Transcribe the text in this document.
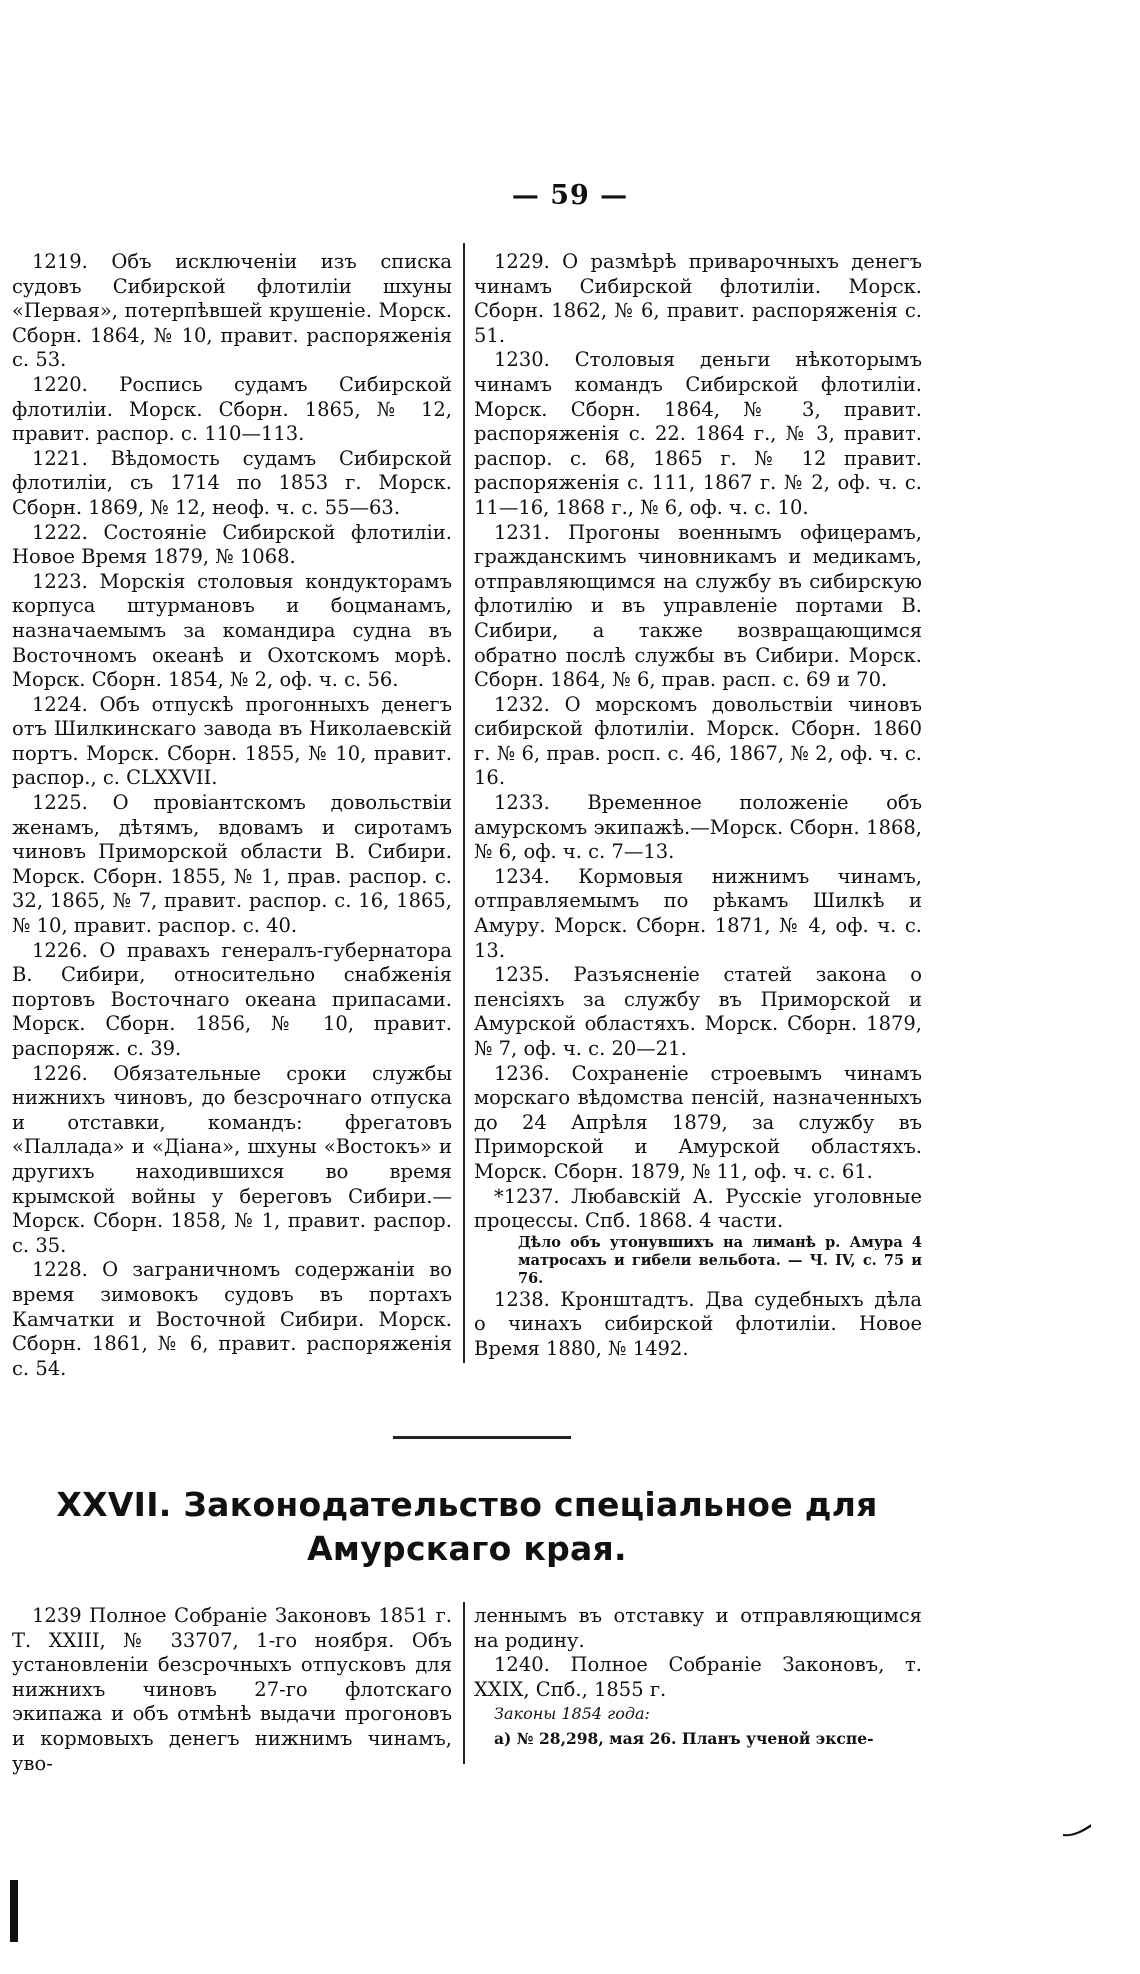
— 59 —

1219. Объ исключеніи изъ списка судовъ Сибирской флотиліи шхуны «Первая», потерпѣвшей крушеніе. Морск. Сборн. 1864, № 10, правит. распоряженія с. 53.

1220. Роспись судамъ Сибирской флотиліи. Морск. Сборн. 1865, № 12, правит. распор. с. 110—113.

1221. Вѣдомость судамъ Сибирской флотиліи, съ 1714 по 1853 г. Морск. Сборн. 1869, № 12, неоф. ч. с. 55—63.

1222. Состояніе Сибирской флотиліи. Новое Время 1879, № 1068.

1223. Морскія столовыя кондукторамъ корпуса штурмановъ и боцманамъ, назначаемымъ за командира судна въ Восточномъ океанѣ и Охотскомъ морѣ. Морск. Сборн. 1854, № 2, оф. ч. с. 56.

1224. Объ отпускѣ прогонныхъ денегъ отъ Шилкинскаго завода въ Николаевскій портъ. Морск. Сборн. 1855, № 10, правит. распор., с. CLXXVII.

1225. О провіантскомъ довольствіи женамъ, дѣтямъ, вдовамъ и сиротамъ чиновъ Приморской области В. Сибири. Морск. Сборн. 1855, № 1, прав. распор. с. 32, 1865, № 7, правит. распор. с. 16, 1865, № 10, правит. распор. с. 40.

1226. О правахъ генералъ-губернатора В. Сибири, относительно снабженія портовъ Восточнаго океана припасами. Морск. Сборн. 1856, № 10, правит. распоряж. с. 39.

1226. Обязательные сроки службы нижнихъ чиновъ, до безсрочнаго отпуска и отставки, командъ: фрегатовъ «Паллада» и «Діана», шхуны «Востокъ» и другихъ находившихся во время крымской войны у береговъ Сибири.—Морск. Сборн. 1858, № 1, правит. распор. с. 35.

1228. О заграничномъ содержаніи во время зимовокъ судовъ въ портахъ Камчатки и Восточной Сибири. Морск. Сборн. 1861, № 6, правит. распоряженія с. 54.

1229. О размѣрѣ приварочныхъ денегъ чинамъ Сибирской флотиліи. Морск. Сборн. 1862, № 6, правит. распоряженія с. 51.

1230. Столовыя деньги нѣкоторымъ чинамъ командъ Сибирской флотиліи. Морск. Сборн. 1864, № 3, правит. распоряженія с. 22. 1864 г., № 3, правит. распор. с. 68, 1865 г. № 12 правит. распоряженія с. 111, 1867 г. № 2, оф. ч. с. 11—16, 1868 г., № 6, оф. ч. с. 10.

1231. Прогоны военнымъ офицерамъ, гражданскимъ чиновникамъ и медикамъ, отправляющимся на службу въ сибирскую флотилію и въ управленіе портами В. Сибири, а также возвращающимся обратно послѣ службы въ Сибири. Морск. Сборн. 1864, № 6, прав. расп. с. 69 и 70.

1232. О морскомъ довольствіи чиновъ сибирской флотиліи. Морск. Сборн. 1860 г. № 6, прав. росп. с. 46, 1867, № 2, оф. ч. с. 16.

1233. Временное положеніе объ амурскомъ экипажѣ.—Морск. Сборн. 1868, № 6, оф. ч. с. 7—13.

1234. Кормовыя нижнимъ чинамъ, отправляемымъ по рѣкамъ Шилкѣ и Амуру. Морск. Сборн. 1871, № 4, оф. ч. с. 13.

1235. Разъясненіе статей закона о пенсіяхъ за службу въ Приморской и Амурской областяхъ. Морск. Сборн. 1879, № 7, оф. ч. с. 20—21.

1236. Сохраненіе строевымъ чинамъ морскаго вѣдомства пенсій, назначенныхъ до 24 Апрѣля 1879, за службу въ Приморской и Амурской областяхъ. Морск. Сборн. 1879, № 11, оф. ч. с. 61.

*1237. Любавскій А. Русскіе уголовные процессы. Спб. 1868. 4 части.

Дѣло объ утонувшихъ на лиманѣ р. Амура 4 матросахъ и гибели вельбота. — Ч. IV, с. 75 и 76.

1238. Кронштадтъ. Два судебныхъ дѣла о чинахъ сибирской флотиліи. Новое Время 1880, № 1492.

XXVII. Законодательство спеціальное для Амурскаго края.

1239 Полное Собраніе Законовъ 1851 г. Т. XXIII, № 33707, 1-го ноября. Объ установленіи безсрочныхъ отпусковъ для нижнихъ чиновъ 27-го флотскаго экипажа и объ отмѣнѣ выдачи прогоновъ и кормовыхъ денегъ нижнимъ чинамъ, уво-

леннымъ въ отставку и отправляющимся на родину.

1240. Полное Собраніе Законовъ, т. XXIX, Спб., 1855 г.

Законы 1854 года:

а) № 28,298, мая 26. Планъ ученой экспе-
